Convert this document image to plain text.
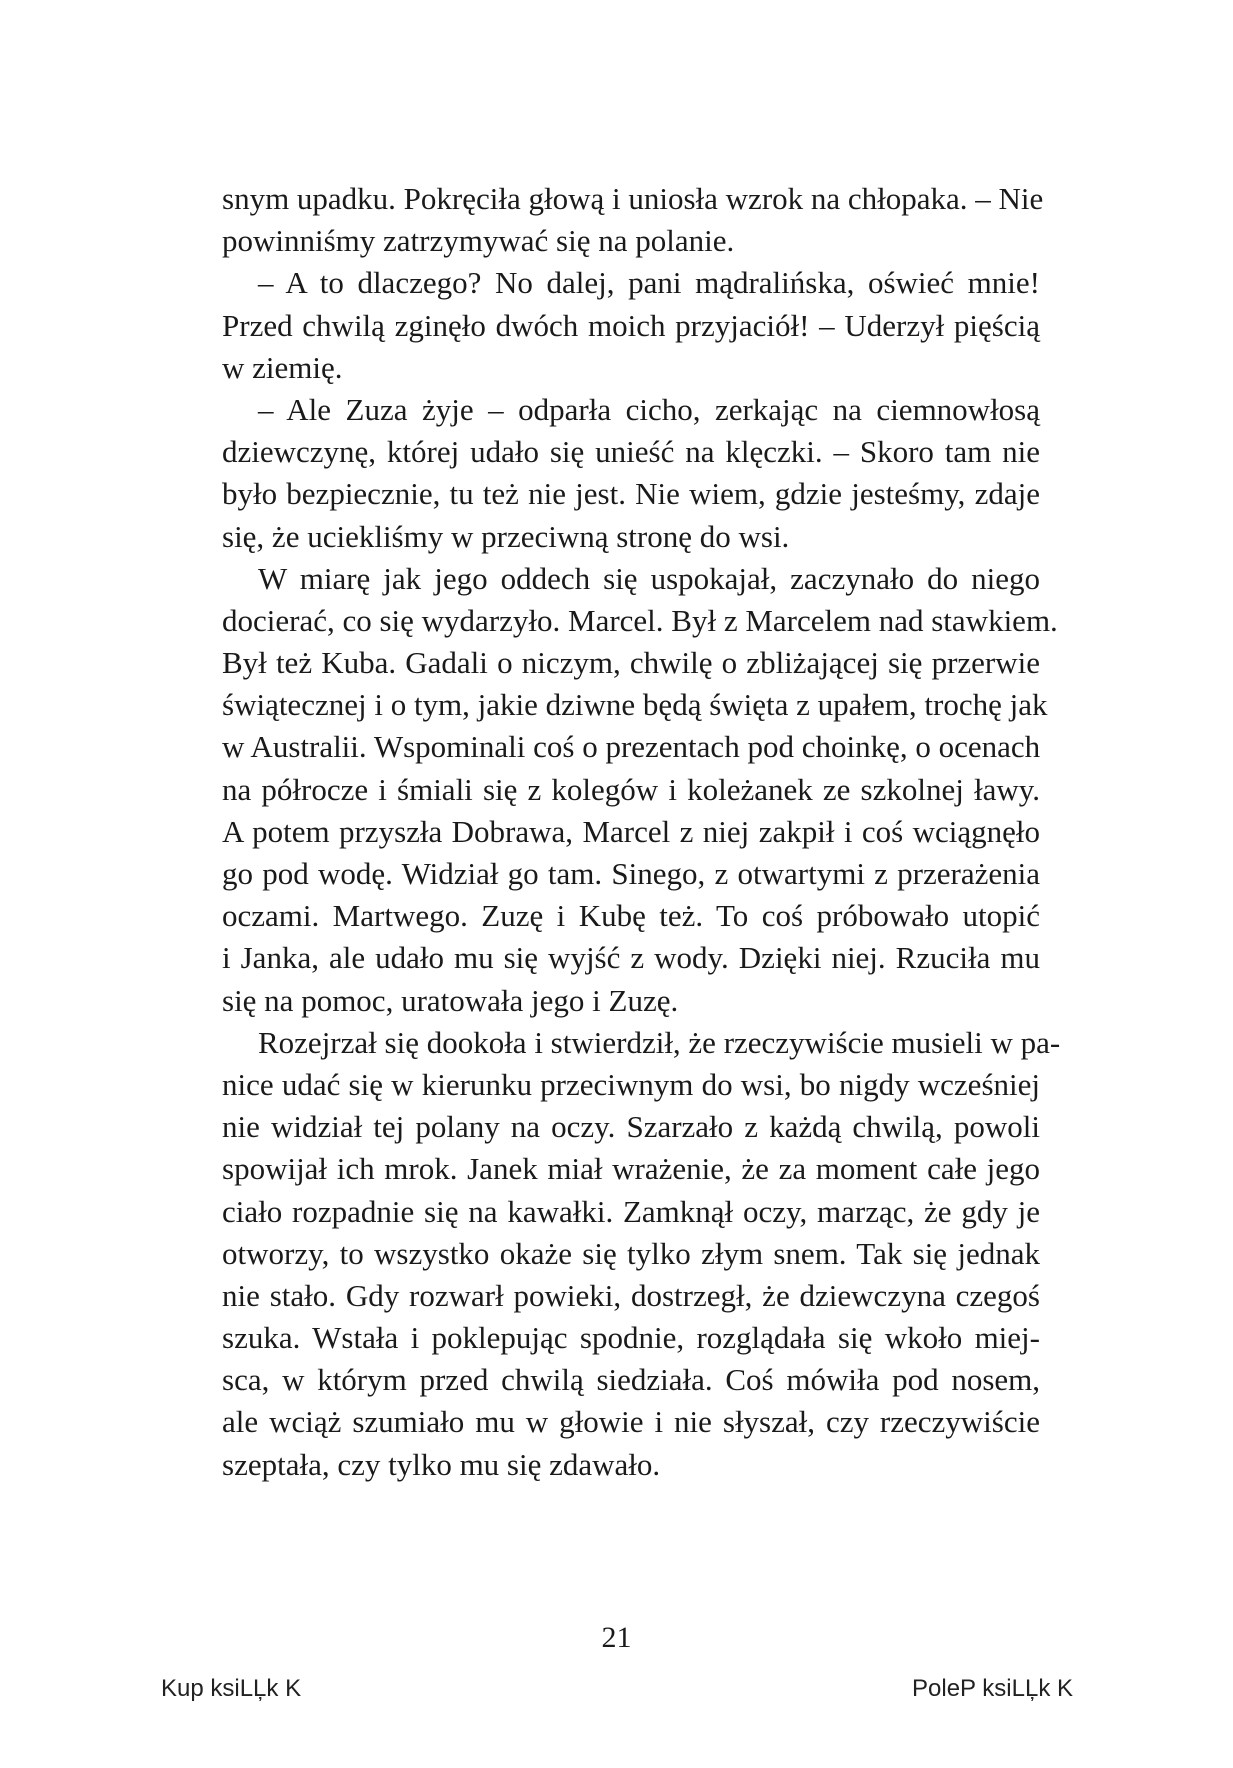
snym upadku. Pokręciła głową i uniosła wzrok na chłopaka. – Nie
powinniśmy zatrzymywać się na polanie.
– A to dlaczego? No dalej, pani mądralińska, oświeć mnie!
Przed chwilą zginęło dwóch moich przyjaciół! – Uderzył pięścią
w ziemię.
– Ale Zuza żyje – odparła cicho, zerkając na ciemnowłosą
dziewczynę, której udało się unieść na klęczki. – Skoro tam nie
było bezpiecznie, tu też nie jest. Nie wiem, gdzie jesteśmy, zdaje
się, że uciekliśmy w przeciwną stronę do wsi.
W miarę jak jego oddech się uspokajał, zaczynało do niego
docierać, co się wydarzyło. Marcel. Był z Marcelem nad stawkiem.
Był też Kuba. Gadali o niczym, chwilę o zbliżającej się przerwie
świątecznej i o tym, jakie dziwne będą święta z upałem, trochę jak
w Australii. Wspominali coś o prezentach pod choinkę, o ocenach
na półrocze i śmiali się z kolegów i koleżanek ze szkolnej ławy.
A potem przyszła Dobrawa, Marcel z niej zakpił i coś wciągnęło
go pod wodę. Widział go tam. Sinego, z otwartymi z przerażenia
oczami. Martwego. Zuzę i Kubę też. To coś próbowało utopić
i Janka, ale udało mu się wyjść z wody. Dzięki niej. Rzuciła mu
się na pomoc, uratowała jego i Zuzę.
Rozejrzał się dookoła i stwierdził, że rzeczywiście musieli w pa-
nice udać się w kierunku przeciwnym do wsi, bo nigdy wcześniej
nie widział tej polany na oczy. Szarzało z każdą chwilą, powoli
spowijał ich mrok. Janek miał wrażenie, że za moment całe jego
ciało rozpadnie się na kawałki. Zamknął oczy, marząc, że gdy je
otworzy, to wszystko okaże się tylko złym snem. Tak się jednak
nie stało. Gdy rozwarł powieki, dostrzegł, że dziewczyna czegoś
szuka. Wstała i poklepując spodnie, rozglądała się wkoło miej-
sca, w którym przed chwilą siedziała. Coś mówiła pod nosem,
ale wciąż szumiało mu w głowie i nie słyszał, czy rzeczywiście
szeptała, czy tylko mu się zdawało.
21
Kup ksiLĻk K	PoleP ksiLĻk K
